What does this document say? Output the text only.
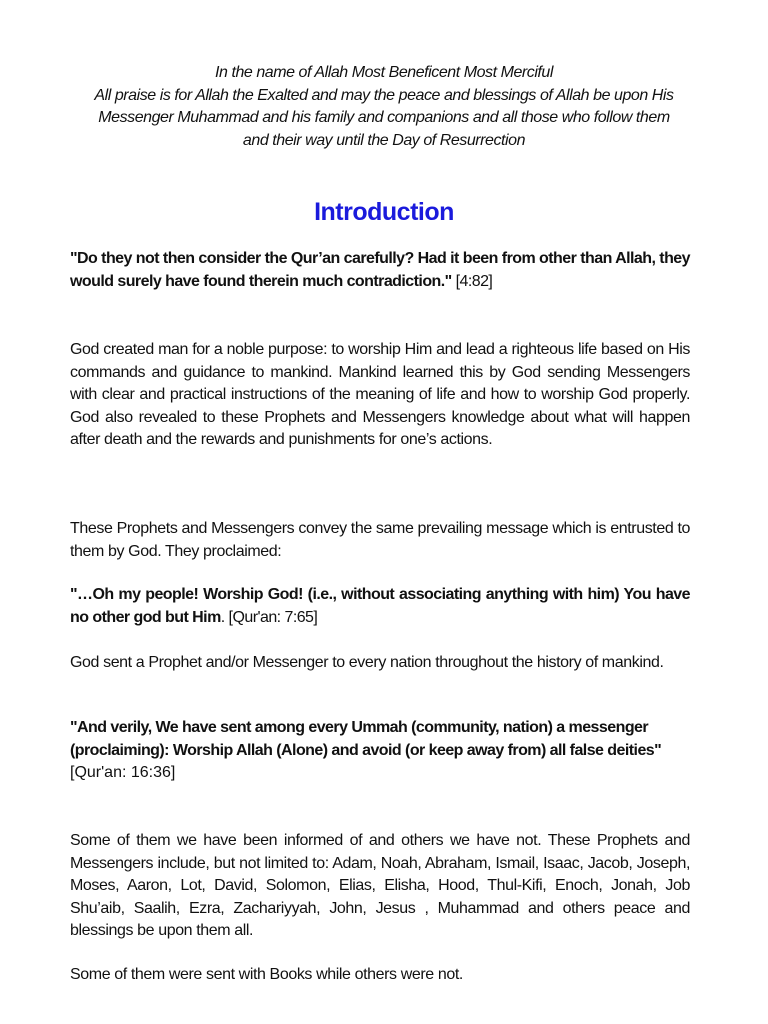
In the name of Allah Most Beneficent Most Merciful
All praise is for Allah the Exalted and may the peace and blessings of Allah be upon His
Messenger Muhammad and his family and companions and all those who follow them
and their way until the Day of Resurrection
Introduction

"Do they not then consider the Qur’an carefully? Had it been from other than Allah, they would surely have found therein much contradiction." [4:82]

God created man for a noble purpose: to worship Him and lead a righteous life based on His commands and guidance to mankind. Mankind learned this by God sending Messengers with clear and practical instructions of the meaning of life and how to worship God properly. God also revealed to these Prophets and Messengers knowledge about what will happen after death and the rewards and punishments for one’s actions.

These Prophets and Messengers convey the same prevailing message which is entrusted to them by God. They proclaimed:

"…Oh my people! Worship God! (i.e., without associating anything with him) You have no other god but Him. [Qur'an: 7:65]

God sent a Prophet and/or Messenger to every nation throughout the history of mankind.

"And verily, We have sent among every Ummah (community, nation) a messenger (proclaiming): Worship Allah (Alone) and avoid (or keep away from) all false deities"

[Qur'an: 16:36]

Some of them we have been informed of and others we have not. These Prophets and Messengers include, but not limited to: Adam, Noah, Abraham, Ismail, Isaac, Jacob, Joseph, Moses, Aaron, Lot, David, Solomon, Elias, Elisha, Hood, Thul-Kifi, Enoch, Jonah, Job Shu’aib, Saalih, Ezra, Zachariyyah, John, Jesus , Muhammad and others peace and blessings be upon them all.

Some of them were sent with Books while others were not.
